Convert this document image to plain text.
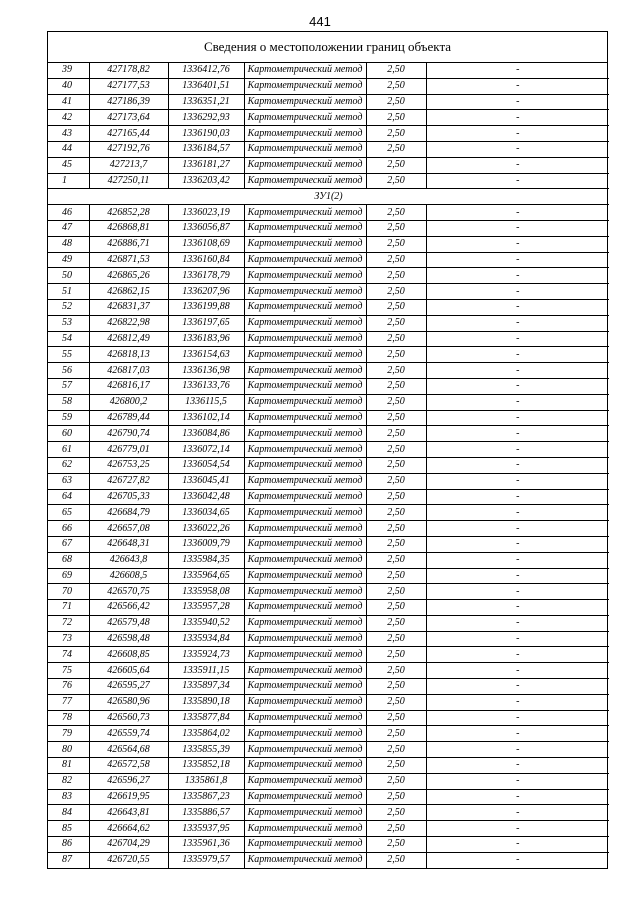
441
Сведения о местоположении границ объекта
39	427178,82	1336412,76	Картометрический метод	2,50	-
40	427177,53	1336401,51	Картометрический метод	2,50	-
41	427186,39	1336351,21	Картометрический метод	2,50	-
42	427173,64	1336292,93	Картометрический метод	2,50	-
43	427165,44	1336190,03	Картометрический метод	2,50	-
44	427192,76	1336184,57	Картометрический метод	2,50	-
45	427213,7	1336181,27	Картометрический метод	2,50	-
1	427250,11	1336203,42	Картометрический метод	2,50	-
ЗУ1(2)					
46	426852,28	1336023,19	Картометрический метод	2,50	-
47	426868,81	1336056,87	Картометрический метод	2,50	-
48	426886,71	1336108,69	Картометрический метод	2,50	-
49	426871,53	1336160,84	Картометрический метод	2,50	-
50	426865,26	1336178,79	Картометрический метод	2,50	-
51	426862,15	1336207,96	Картометрический метод	2,50	-
52	426831,37	1336199,88	Картометрический метод	2,50	-
53	426822,98	1336197,65	Картометрический метод	2,50	-
54	426812,49	1336183,96	Картометрический метод	2,50	-
55	426818,13	1336154,63	Картометрический метод	2,50	-
56	426817,03	1336136,98	Картометрический метод	2,50	-
57	426816,17	1336133,76	Картометрический метод	2,50	-
58	426800,2	1336115,5	Картометрический метод	2,50	-
59	426789,44	1336102,14	Картометрический метод	2,50	-
60	426790,74	1336084,86	Картометрический метод	2,50	-
61	426779,01	1336072,14	Картометрический метод	2,50	-
62	426753,25	1336054,54	Картометрический метод	2,50	-
63	426727,82	1336045,41	Картометрический метод	2,50	-
64	426705,33	1336042,48	Картометрический метод	2,50	-
65	426684,79	1336034,65	Картометрический метод	2,50	-
66	426657,08	1336022,26	Картометрический метод	2,50	-
67	426648,31	1336009,79	Картометрический метод	2,50	-
68	426643,8	1335984,35	Картометрический метод	2,50	-
69	426608,5	1335964,65	Картометрический метод	2,50	-
70	426570,75	1335958,08	Картометрический метод	2,50	-
71	426566,42	1335957,28	Картометрический метод	2,50	-
72	426579,48	1335940,52	Картометрический метод	2,50	-
73	426598,48	1335934,84	Картометрический метод	2,50	-
74	426608,85	1335924,73	Картометрический метод	2,50	-
75	426605,64	1335911,15	Картометрический метод	2,50	-
76	426595,27	1335897,34	Картометрический метод	2,50	-
77	426580,96	1335890,18	Картометрический метод	2,50	-
78	426560,73	1335877,84	Картометрический метод	2,50	-
79	426559,74	1335864,02	Картометрический метод	2,50	-
80	426564,68	1335855,39	Картометрический метод	2,50	-
81	426572,58	1335852,18	Картометрический метод	2,50	-
82	426596,27	1335861,8	Картометрический метод	2,50	-
83	426619,95	1335867,23	Картометрический метод	2,50	-
84	426643,81	1335886,57	Картометрический метод	2,50	-
85	426664,62	1335937,95	Картометрический метод	2,50	-
86	426704,29	1335961,36	Картометрический метод	2,50	-
87	426720,55	1335979,57	Картометрический метод	2,50	-
